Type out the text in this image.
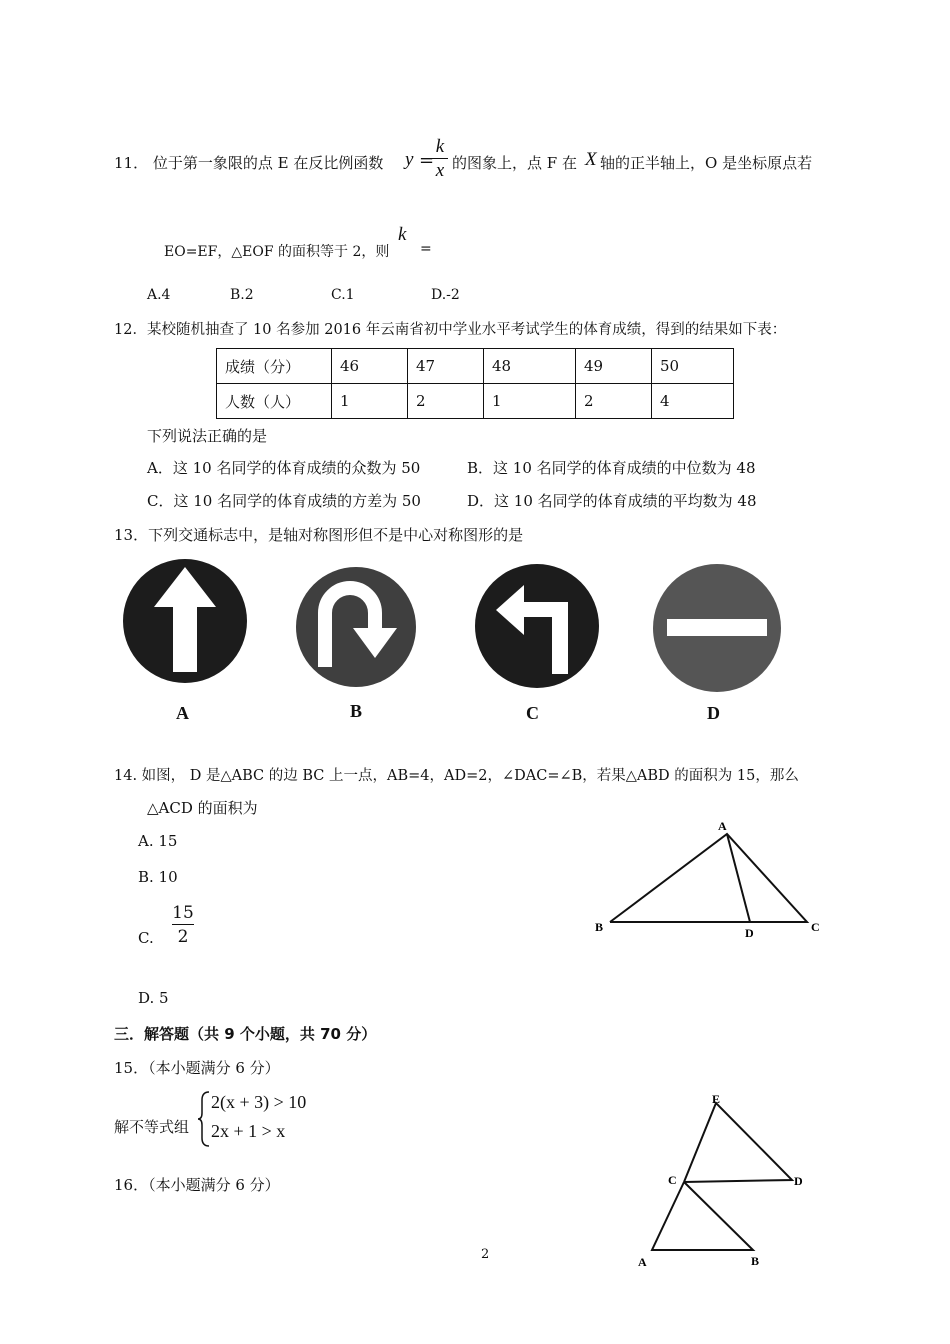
11． 位于第一象限的点 E 在反比例函数 y =
k
x 的图象上，点 F 在 X 轴的正半轴上，O 是坐标原点若
EO=EF，△EOF 的面积等于 2，则
k
=
A.4	B.2	C.1	D.-2
12．某校随机抽查了 10 名参加 2016 年云南省初中学业水平考试学生的体育成绩，得到的结果如下表：
成绩（分）	46	47	48	49	50
人数（人）	1	2	1	2	4
下列说法正确的是
A．这 10 名同学的体育成绩的众数为 50	B．这 10 名同学的体育成绩的中位数为 48
C．这 10 名同学的体育成绩的方差为 50	D．这 10 名同学的体育成绩的平均数为 48
13．下列交通标志中，是轴对称图形但不是中心对称图形的是
A	B	C	D
14. 如图， D 是△ABC 的边 BC 上一点，AB=4，AD=2，∠DAC=∠B，若果△ABD 的面积为 15，那么
△ACD 的面积为
A. 15
B. 10
C.
15
2
D. 5
A
B	D	C
三．解答题（共 9 个小题，共 70 分）
15．（本小题满分 6 分）
解不等式组
2(x + 3) > 10
2x + 1 > x
16．（本小题满分 6 分）
E
C	D
A	B
2
